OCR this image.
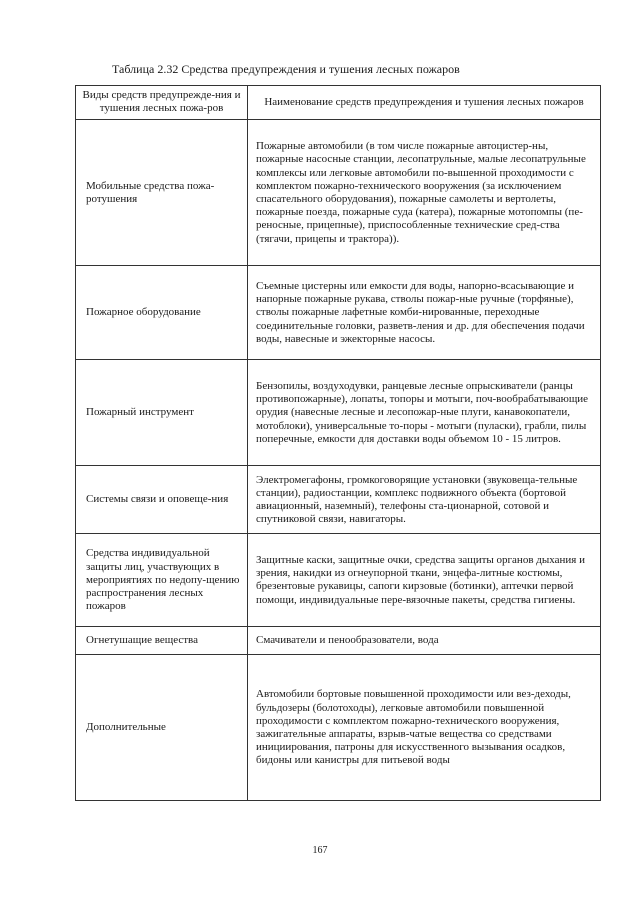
Таблица 2.32 Средства предупреждения и тушения лесных пожаров
Виды средств предупрежде-ния и тушения лесных пожа-ров	Наименование средств предупреждения и тушения лесных пожаров
Мобильные средства пожа-ротушения	Пожарные автомобили (в том числе пожарные автоцистер-ны, пожарные насосные станции, лесопатрульные, малые лесопатрульные комплексы или легковые автомобили по-вышенной проходимости с комплектом пожарно-технического вооружения (за исключением спасательного оборудования), пожарные самолеты и вертолеты, пожарные поезда, пожарные суда (катера), пожарные мотопомпы (пе-реносные, прицепные), приспособленные технические сред-ства (тягачи, прицепы и трактора)).
Пожарное оборудование	Съемные цистерны или емкости для воды, напорно-всасывающие и напорные пожарные рукава, стволы пожар-ные ручные (торфяные), стволы пожарные лафетные комби-нированные, переходные соединительные головки, разветв-ления и др. для обеспечения подачи воды, навесные и эжекторные насосы.
Пожарный инструмент	Бензопилы, воздуходувки, ранцевые лесные опрыскиватели (ранцы противопожарные), лопаты, топоры и мотыги, поч-вообрабатывающие орудия (навесные лесные и лесопожар-ные плуги, канавокопатели, мотоблоки), универсальные то-поры - мотыги (пуласки), грабли, пилы поперечные, емкости для доставки воды объемом 10 - 15 литров.
Системы связи и оповеще-ния	Электромегафоны, громкоговорящие установки (звуковеща-тельные станции), радиостанции, комплекс подвижного объекта (бортовой авиационный, наземный), телефоны ста-ционарной, сотовой и спутниковой связи, навигаторы.
Средства индивидуальной защиты лиц, участвующих в мероприятиях по недопу-щению распространения лесных пожаров	Защитные каски, защитные очки, средства защиты органов дыхания и зрения, накидки из огнеупорной ткани, энцефа-литные костюмы, брезентовые рукавицы, сапоги кирзовые (ботинки), аптечки первой помощи, индивидуальные пере-вязочные пакеты, средства гигиены.
Огнетушащие вещества	Смачиватели и пенообразователи, вода
Дополнительные	Автомобили бортовые повышенной проходимости или вез-деходы, бульдозеры (болотоходы), легковые автомобили повышенной проходимости с комплектом пожарно-технического вооружения, зажигательные аппараты, взрыв-чатые вещества со средствами инициирования, патроны для искусственного вызывания осадков, бидоны или канистры для питьевой воды
167
